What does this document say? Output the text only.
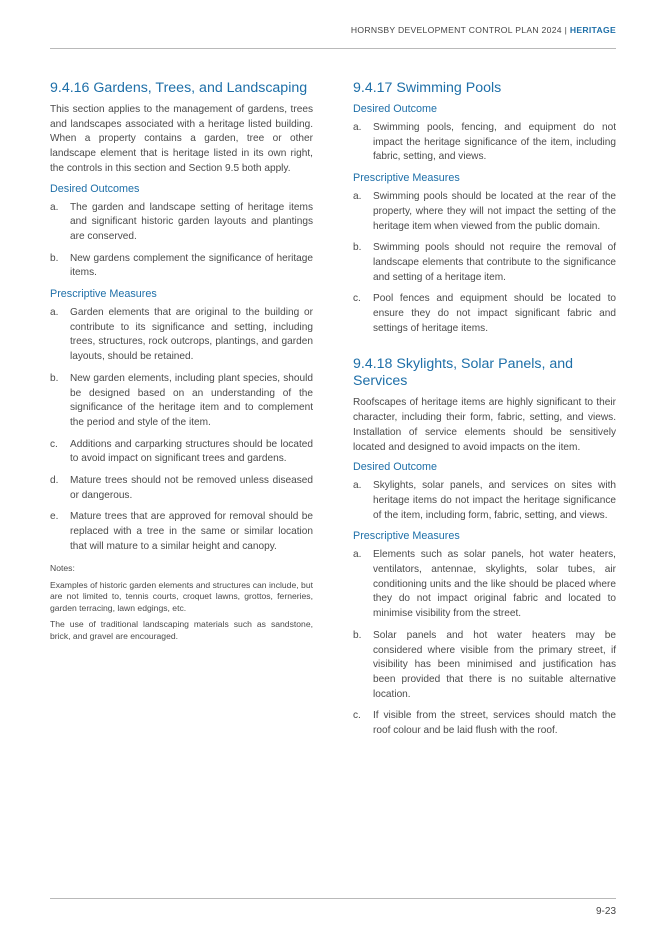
HORNSBY DEVELOPMENT CONTROL PLAN 2024 | HERITAGE
9.4.16 Gardens, Trees, and Landscaping

This section applies to the management of gardens, trees and landscapes associated with a heritage listed building. When a property contains a garden, tree or other landscape element that is heritage listed in its own right, the controls in this section and Section 9.5 both apply.

Desired Outcomes
a. The garden and landscape setting of heritage items and significant historic garden layouts and plantings are conserved.
b. New gardens complement the significance of heritage items.
Prescriptive Measures
a. Garden elements that are original to the building or contribute to its significance and setting, including trees, structures, rock outcrops, plantings, and garden layouts, should be retained.
b. New garden elements, including plant species, should be designed based on an understanding of the significance of the heritage item and to complement the period and style of the item.
c. Additions and carparking structures should be located to avoid impact on significant trees and gardens.
d. Mature trees should not be removed unless diseased or dangerous.
e. Mature trees that are approved for removal should be replaced with a tree in the same or similar location that will mature to a similar height and canopy.
Notes:

Examples of historic garden elements and structures can include, but are not limited to, tennis courts, croquet lawns, grottos, ferneries, garden terracing, lawn edgings, etc.

The use of traditional landscaping materials such as sandstone, brick, and gravel are encouraged.

9.4.17 Swimming Pools
Desired Outcome
a. Swimming pools, fencing, and equipment do not impact the heritage significance of the item, including fabric, setting, and views.
Prescriptive Measures
a. Swimming pools should be located at the rear of the property, where they will not impact the setting of the heritage item when viewed from the public domain.
b. Swimming pools should not require the removal of landscape elements that contribute to the significance and setting of a heritage item.
c. Pool fences and equipment should be located to ensure they do not impact significant fabric and settings of heritage items.
9.4.18 Skylights, Solar Panels, and Services

Roofscapes of heritage items are highly significant to their character, including their form, fabric, setting, and views. Installation of service elements should be sensitively located and designed to avoid impacts on the item.

Desired Outcome
a. Skylights, solar panels, and services on sites with heritage items do not impact the heritage significance of the item, including form, fabric, setting, and views.
Prescriptive Measures
a. Elements such as solar panels, hot water heaters, ventilators, antennae, skylights, solar tubes, air conditioning units and the like should be placed where they do not impact original fabric and located to minimise visibility from the street.
b. Solar panels and hot water heaters may be considered where visible from the primary street, if visibility has been minimised and justification has been provided that there is no suitable alternative location.
c. If visible from the street, services should match the roof colour and be laid flush with the roof.
9-23
